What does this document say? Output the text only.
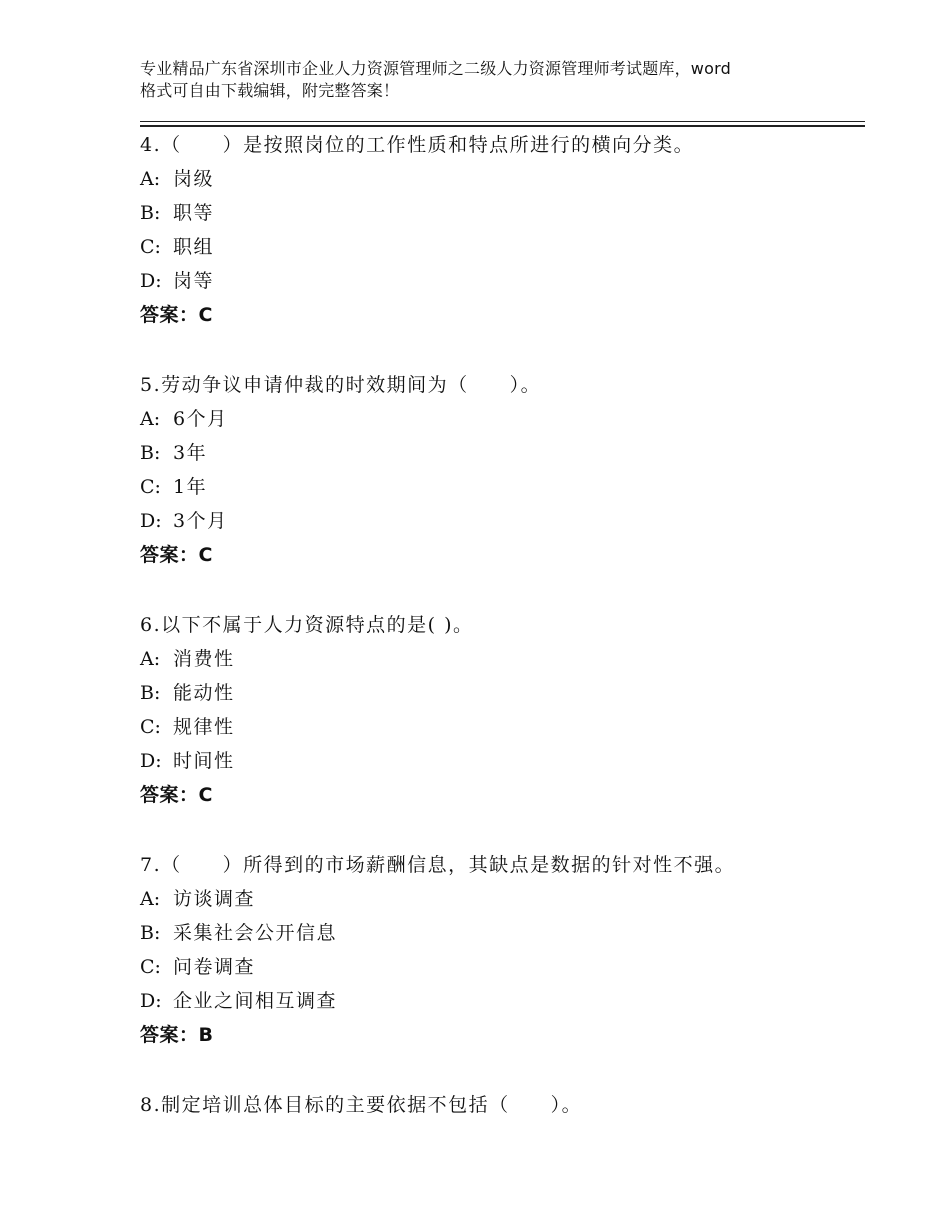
专业精品广东省深圳市企业人力资源管理师之二级人力资源管理师考试题库，word
格式可自由下载编辑，附完整答案！
4.（　　）是按照岗位的工作性质和特点所进行的横向分类。
A: 岗级
B: 职等
C: 职组
D: 岗等
答案：C
5.劳动争议申请仲裁的时效期间为（　　）。
A: 6个月
B: 3年
C: 1年
D: 3个月
答案：C
6.以下不属于人力资源特点的是( )。
A: 消费性
B: 能动性
C: 规律性
D: 时间性
答案：C
7.（　　）所得到的市场薪酬信息，其缺点是数据的针对性不强。
A: 访谈调查
B: 采集社会公开信息
C: 问卷调查
D: 企业之间相互调查
答案：B
8.制定培训总体目标的主要依据不包括（　　）。
